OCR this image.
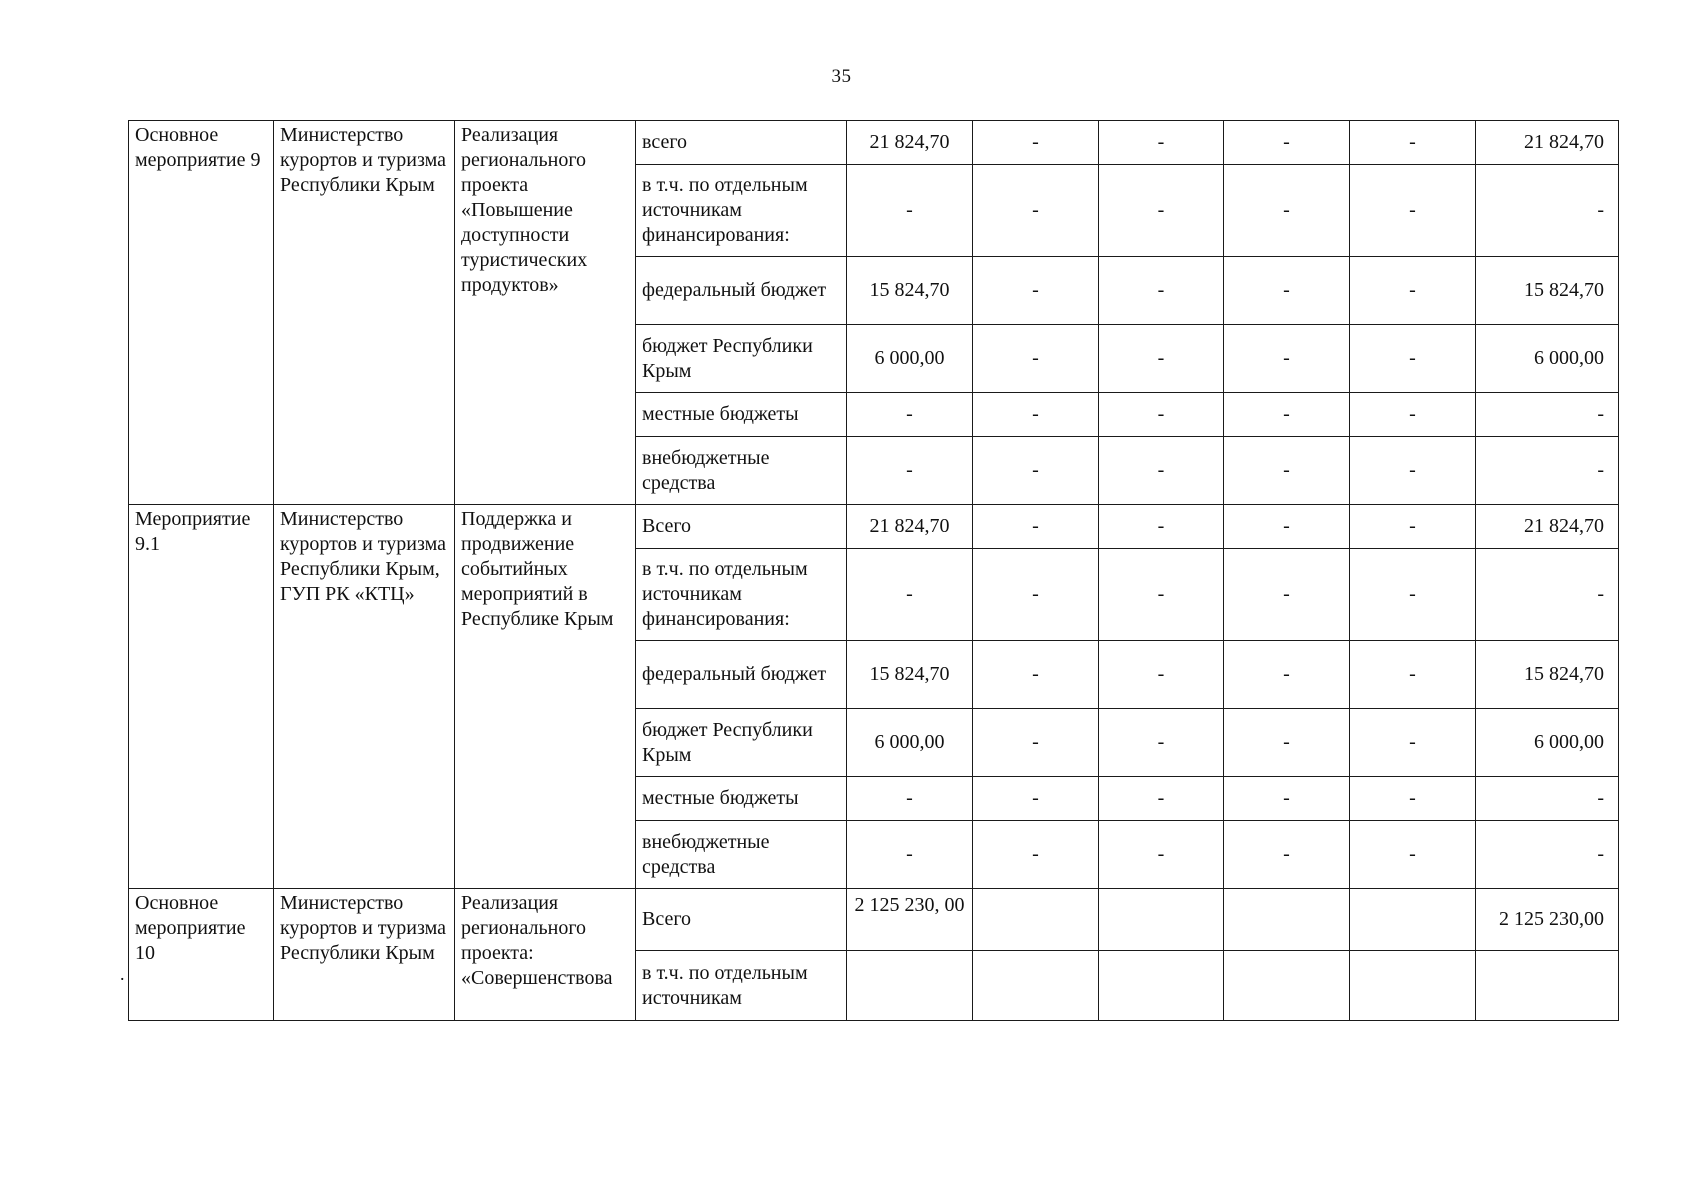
35
.
Основное мероприятие 9	Министерство курортов и туризма Республики Крым	Реализация регионального проекта «Повышение доступности туристических продуктов»	всего	21 824,70	-	-	-	-	21 824,70
			в т.ч. по отдельным источникам финансирования:	-	-	-	-	-	-
			федеральный бюджет	15 824,70	-	-	-	-	15 824,70
			бюджет Республики Крым	6 000,00	-	-	-	-	6 000,00
			местные бюджеты	-	-	-	-	-	-
			внебюджетные средства	-	-	-	-	-	-
Мероприятие 9.1	Министерство курортов и туризма Республики Крым, ГУП РК «КТЦ»	Поддержка и продвижение событийных мероприятий в Республике Крым	Всего	21 824,70	-	-	-	-	21 824,70
			в т.ч. по отдельным источникам финансирования:	-	-	-	-	-	-
			федеральный бюджет	15 824,70	-	-	-	-	15 824,70
			бюджет Республики Крым	6 000,00	-	-	-	-	6 000,00
			местные бюджеты	-	-	-	-	-	-
			внебюджетные средства	-	-	-	-	-	-
Основное мероприятие 10	Министерство курортов и туризма Республики Крым	Реализация регионального проекта: «Совершенствова	Всего	2 125 230, 00					2 125 230,00
			в т.ч. по отдельным источникам						
